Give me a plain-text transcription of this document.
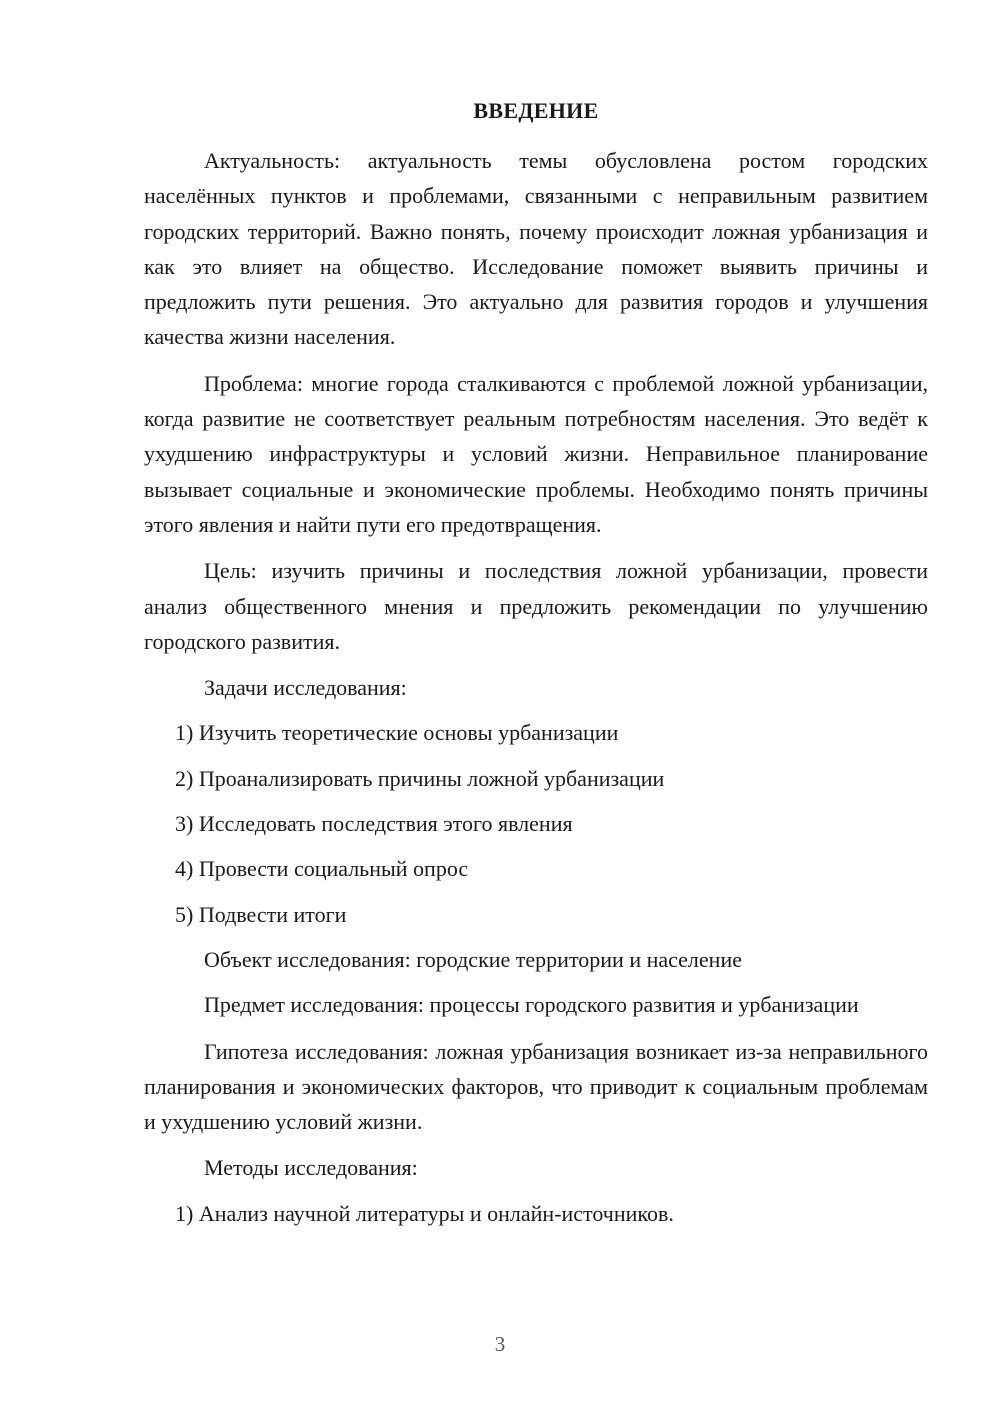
ВВЕДЕНИЕ

Актуальность: актуальность темы обусловлена ростом городских населённых пунктов и проблемами, связанными с неправильным развитием городских территорий. Важно понять, почему происходит ложная урбанизация и как это влияет на общество. Исследование поможет выявить причины и предложить пути решения. Это актуально для развития городов и улучшения качества жизни населения.

Проблема: многие города сталкиваются с проблемой ложной урбанизации, когда развитие не соответствует реальным потребностям населения. Это ведёт к ухудшению инфраструктуры и условий жизни. Неправильное планирование вызывает социальные и экономические проблемы. Необходимо понять причины этого явления и найти пути его предотвращения.

Цель: изучить причины и последствия ложной урбанизации, провести анализ общественного мнения и предложить рекомендации по улучшению городского развития.

Задачи исследования:

1) Изучить теоретические основы урбанизации
2) Проанализировать причины ложной урбанизации
3) Исследовать последствия этого явления
4) Провести социальный опрос
5) Подвести итоги

Объект исследования: городские территории и население

Предмет исследования: процессы городского развития и урбанизации

Гипотеза исследования: ложная урбанизация возникает из-за неправильного планирования и экономических факторов, что приводит к социальным проблемам и ухудшению условий жизни.

Методы исследования:

1) Анализ научной литературы и онлайн-источников.
3
